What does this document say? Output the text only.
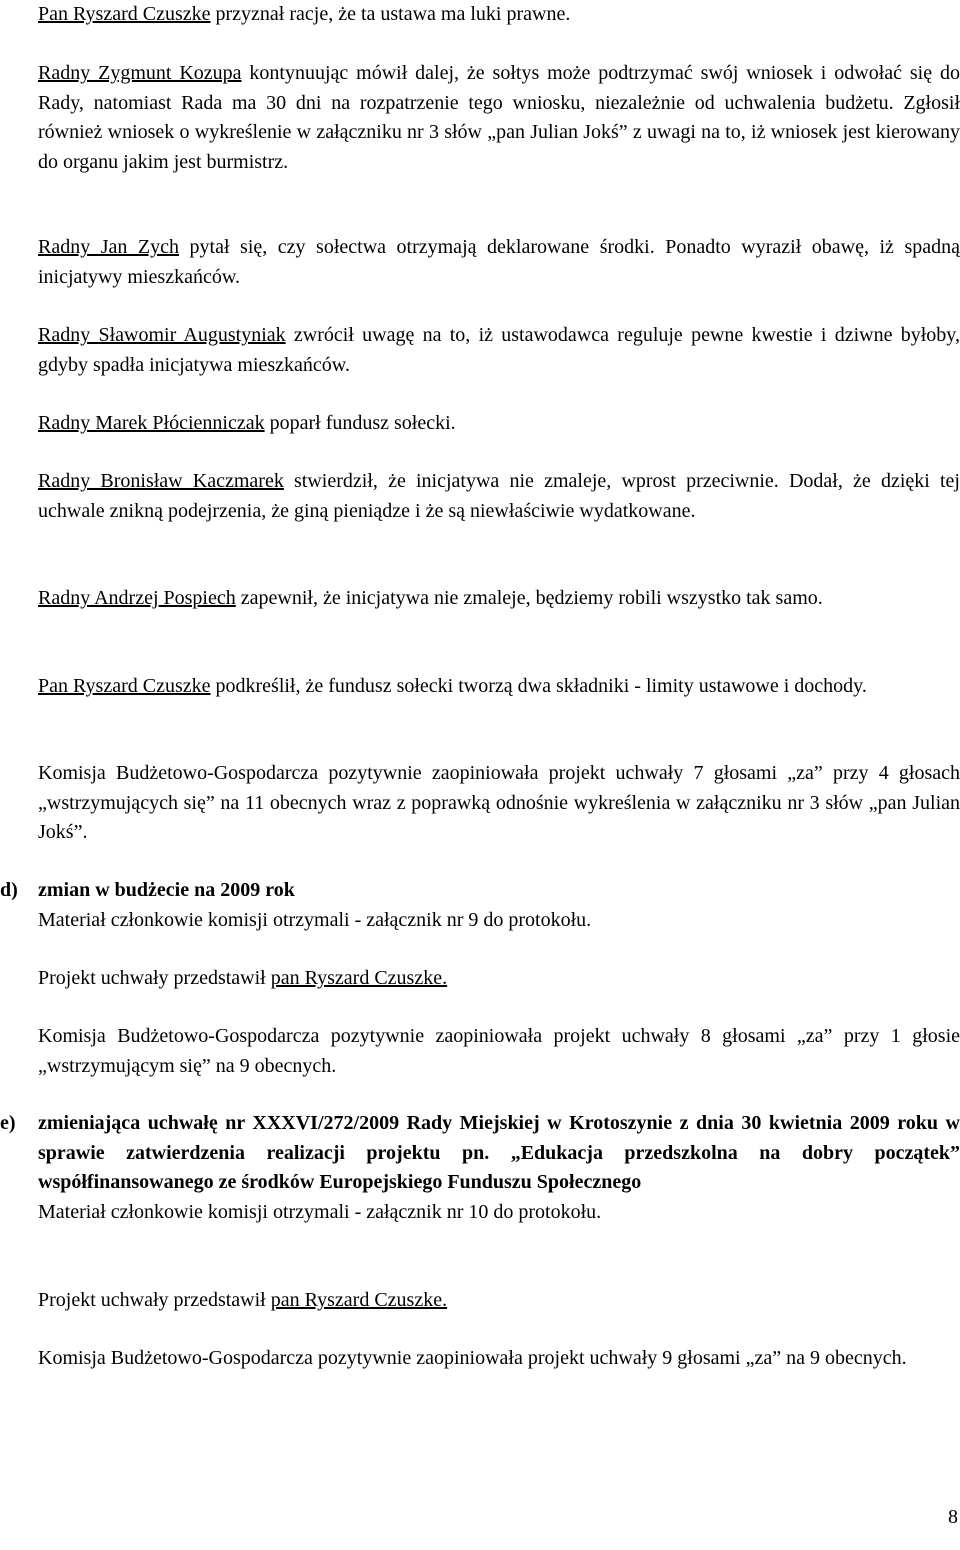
Pan Ryszard Czuszke przyznał racje, że ta ustawa ma luki prawne.

Radny Zygmunt Kozupa kontynuując mówił dalej, że sołtys może podtrzymać swój wniosek i odwołać się do Rady, natomiast Rada ma 30 dni na rozpatrzenie tego wniosku, niezależnie od uchwalenia budżetu. Zgłosił również wniosek o wykreślenie w załączniku nr 3 słów „pan Julian Jokś” z uwagi na to, iż wniosek jest kierowany do organu jakim jest burmistrz.

Radny Jan Zych pytał się, czy sołectwa otrzymają deklarowane środki. Ponadto wyraził obawę, iż spadną inicjatywy mieszkańców.

Radny Sławomir Augustyniak zwrócił uwagę na to, iż ustawodawca reguluje pewne kwestie i dziwne byłoby, gdyby spadła inicjatywa mieszkańców.

Radny Marek Płócienniczak poparł fundusz sołecki.

Radny Bronisław Kaczmarek stwierdził, że inicjatywa nie zmaleje, wprost przeciwnie. Dodał, że dzięki tej uchwale znikną podejrzenia, że giną pieniądze i że są niewłaściwie wydatkowane.

Radny Andrzej Pospiech zapewnił, że inicjatywa nie zmaleje, będziemy robili wszystko tak samo.

Pan Ryszard Czuszke podkreślił, że fundusz sołecki tworzą dwa składniki - limity ustawowe i dochody.

Komisja Budżetowo-Gospodarcza pozytywnie zaopiniowała projekt uchwały 7 głosami „za” przy 4 głosach „wstrzymujących się” na 11 obecnych wraz z poprawką odnośnie wykreślenia w załączniku nr 3 słów „pan Julian Jokś”.

d) zmian w budżecie na 2009 rok

Materiał członkowie komisji otrzymali - załącznik nr 9 do protokołu.

Projekt uchwały przedstawił pan Ryszard Czuszke.

Komisja Budżetowo-Gospodarcza pozytywnie zaopiniowała projekt uchwały 8 głosami „za” przy 1 głosie „wstrzymującym się” na 9 obecnych.

e) zmieniająca uchwałę nr XXXVI/272/2009 Rady Miejskiej w Krotoszynie z dnia 30 kwietnia 2009 roku w sprawie zatwierdzenia realizacji projektu pn. „Edukacja przedszkolna na dobry początek” współfinansowanego ze środków Europejskiego Funduszu Społecznego

Materiał członkowie komisji otrzymali - załącznik nr 10 do protokołu.

Projekt uchwały przedstawił pan Ryszard Czuszke.

Komisja Budżetowo-Gospodarcza pozytywnie zaopiniowała projekt uchwały 9 głosami „za” na 9 obecnych.

8
